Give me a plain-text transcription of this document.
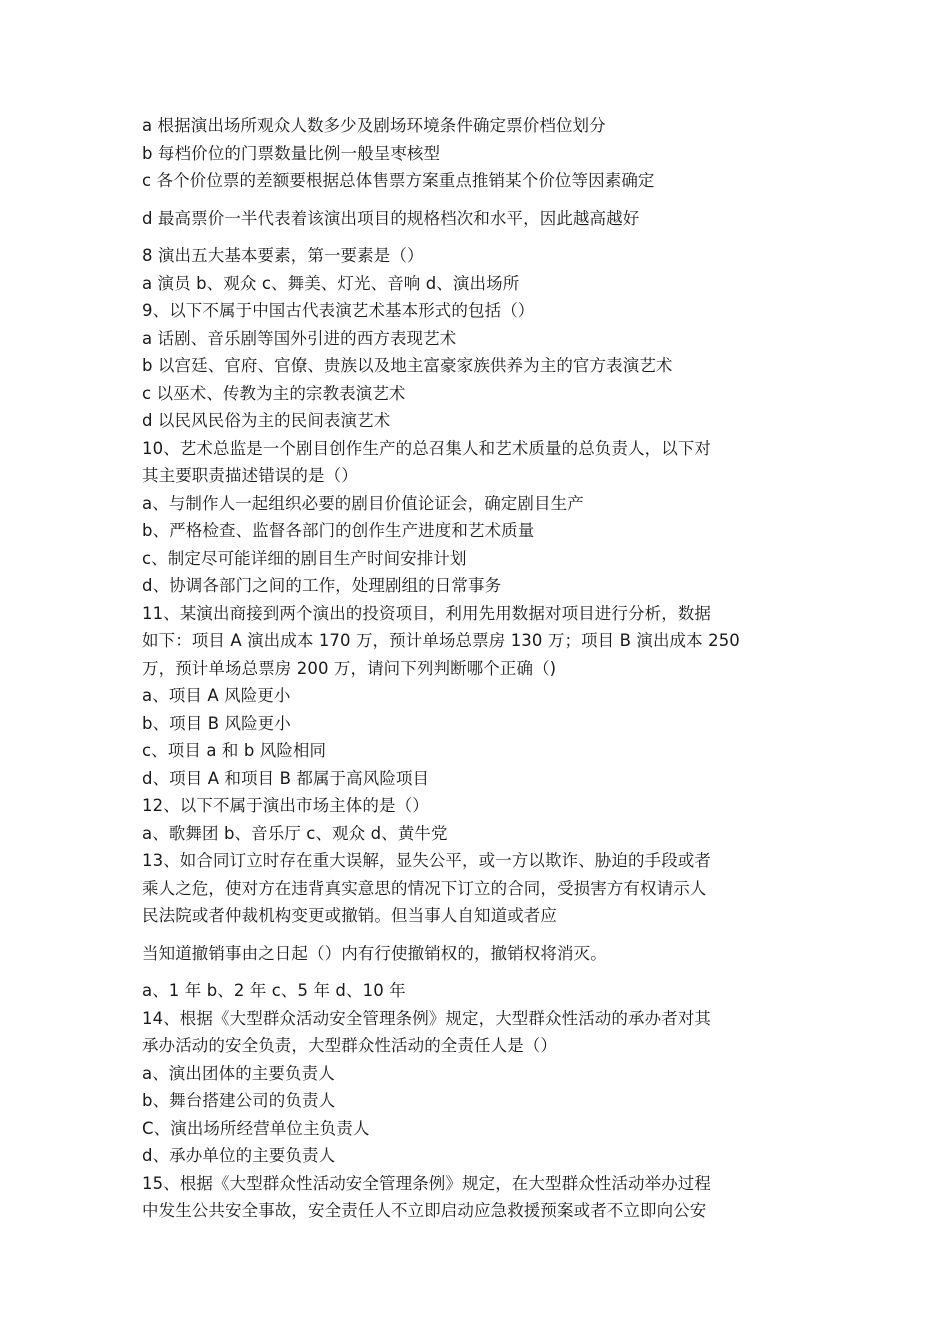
a 根据演出场所观众人数多少及剧场环境条件确定票价档位划分
b 每档价位的门票数量比例一般呈枣核型
c 各个价位票的差额要根据总体售票方案重点推销某个价位等因素确定
d 最高票价一半代表着该演出项目的规格档次和水平，因此越高越好
8 演出五大基本要素，第一要素是（）
a 演员 b、观众 c、舞美、灯光、音响 d、演出场所
9、以下不属于中国古代表演艺术基本形式的包括（）
a 话剧、音乐剧等国外引进的西方表现艺术
b 以宫廷、官府、官僚、贵族以及地主富豪家族供养为主的官方表演艺术
c 以巫术、传教为主的宗教表演艺术
d 以民风民俗为主的民间表演艺术
10、艺术总监是一个剧目创作生产的总召集人和艺术质量的总负责人，以下对
其主要职责描述错误的是（）
a、与制作人一起组织必要的剧目价值论证会，确定剧目生产
b、严格检查、监督各部门的创作生产进度和艺术质量
c、制定尽可能详细的剧目生产时间安排计划
d、协调各部门之间的工作，处理剧组的日常事务
11、某演出商接到两个演出的投资项目，利用先用数据对项目进行分析，数据
如下：项目 A 演出成本 170 万，预计单场总票房 130 万；项目 B 演出成本 250
万，预计单场总票房 200 万，请问下列判断哪个正确（)
a、项目 A 风险更小
b、项目 B 风险更小
c、项目 a 和 b 风险相同
d、项目 A 和项目 B 都属于高风险项目
12、以下不属于演出市场主体的是（）
a、歌舞团 b、音乐厅 c、观众 d、黄牛党
13、如合同订立时存在重大误解，显失公平，或一方以欺诈、胁迫的手段或者
乘人之危，使对方在违背真实意思的情况下订立的合同，受损害方有权请示人
民法院或者仲裁机构变更或撤销。但当事人自知道或者应
当知道撤销事由之日起（）内有行使撤销权的，撤销权将消灭。
a、1 年 b、2 年 c、5 年 d、10 年
14、根据《大型群众活动安全管理条例》规定，大型群众性活动的承办者对其
承办活动的安全负责，大型群众性活动的全责任人是（）
a、演出团体的主要负责人
b、舞台搭建公司的负责人
C、演出场所经营单位主负责人
d、承办单位的主要负责人
15、根据《大型群众性活动安全管理条例》规定，在大型群众性活动举办过程
中发生公共安全事故，安全责任人不立即启动应急救援预案或者不立即向公安
